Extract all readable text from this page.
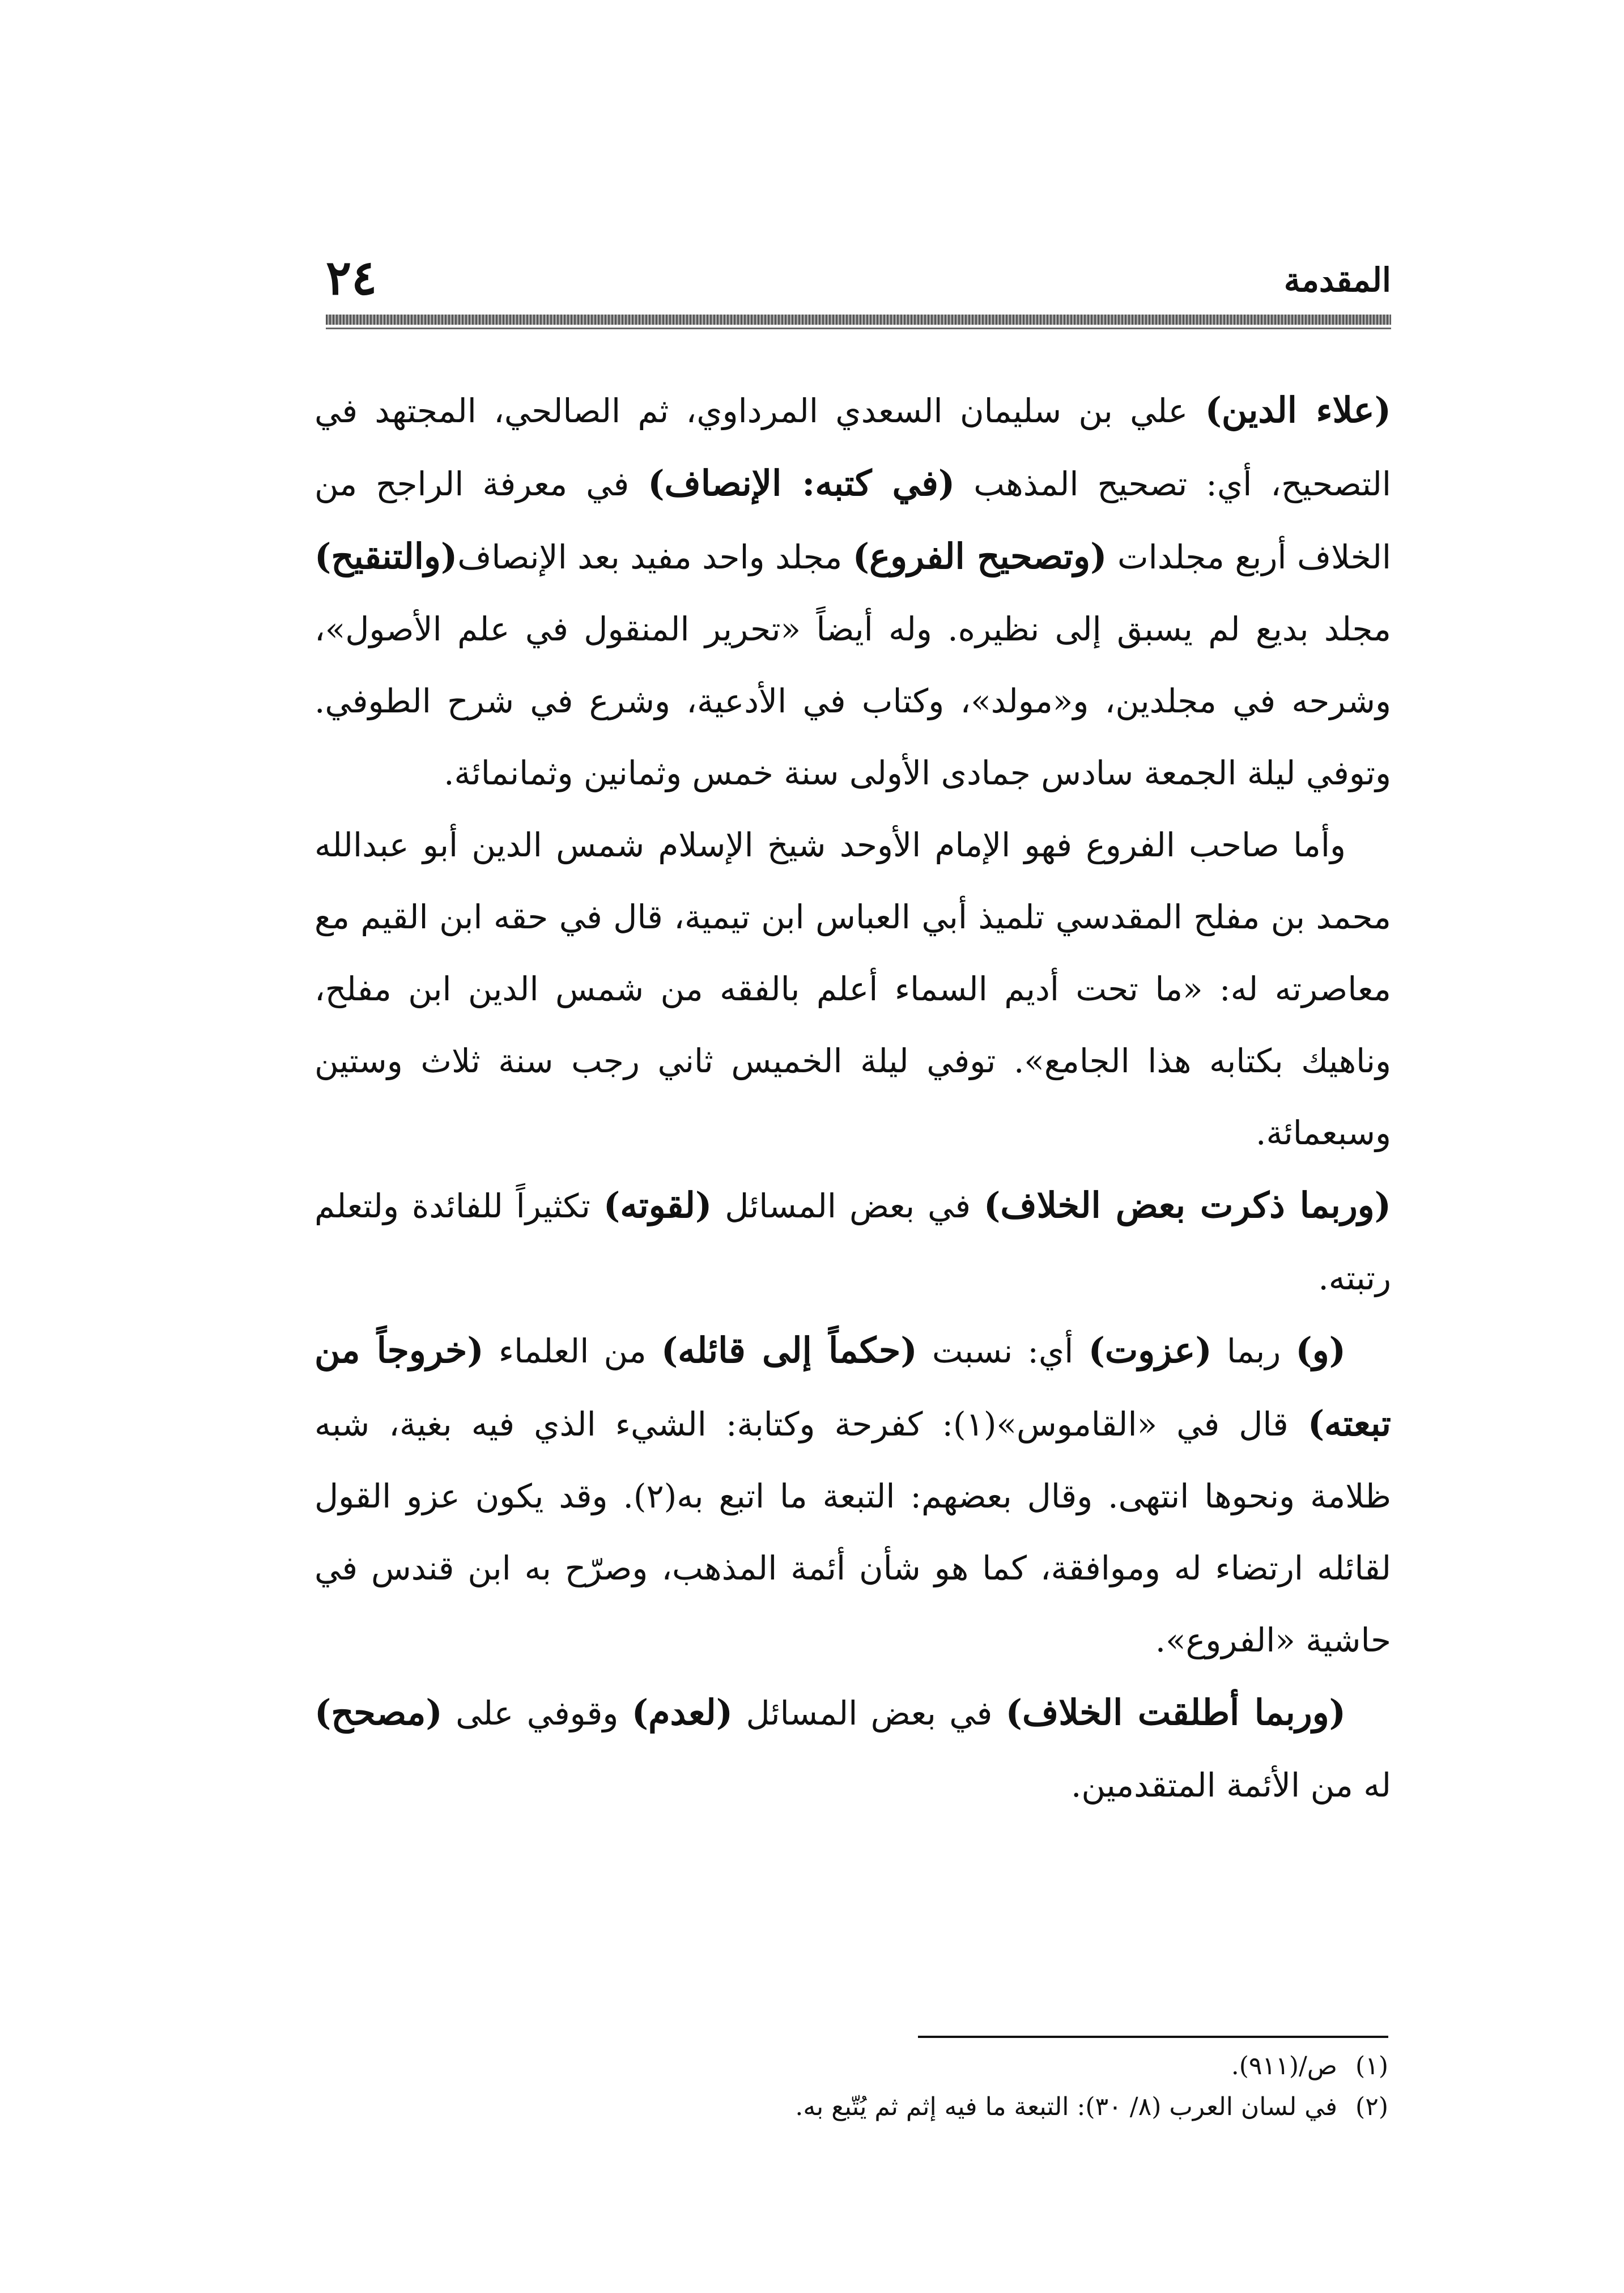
٢٤	المقدمة

(علاء الدين) علي بن سليمان السعدي المرداوي، ثم الصالحي، المجتهد في التصحيح، أي: تصحيح المذهب (في كتبه: الإنصاف) في معرفة الراجح من الخلاف أربع مجلدات (وتصحيح الفروع) مجلد واحد مفيد بعد الإنصاف(والتنقيح) مجلد بديع لم يسبق إلى نظيره. وله أيضاً «تحرير المنقول في علم الأصول»، وشرحه في مجلدين، و«مولد»، وكتاب في الأدعية، وشرع في شرح الطوفي. وتوفي ليلة الجمعة سادس جمادى الأولى سنة خمس وثمانين وثمانمائة.

وأما صاحب الفروع فهو الإمام الأوحد شيخ الإسلام شمس الدين أبو عبدالله محمد بن مفلح المقدسي تلميذ أبي العباس ابن تيمية، قال في حقه ابن القيم مع معاصرته له: «ما تحت أديم السماء أعلم بالفقه من شمس الدين ابن مفلح، وناهيك بكتابه هذا الجامع». توفي ليلة الخميس ثاني رجب سنة ثلاث وستين وسبعمائة.

(وربما ذكرت بعض الخلاف) في بعض المسائل (لقوته) تكثيراً للفائدة ولتعلم رتبته.

(و) ربما (عزوت) أي: نسبت (حكماً إلى قائله) من العلماء (خروجاً من تبعته) قال في «القاموس»(١): كفرحة وكتابة: الشيء الذي فيه بغية، شبه ظلامة ونحوها انتهى. وقال بعضهم: التبعة ما اتبع به(٢). وقد يكون عزو القول لقائله ارتضاء له وموافقة، كما هو شأن أئمة المذهب، وصرّح به ابن قندس في حاشية «الفروع».

(وربما أطلقت الخلاف) في بعض المسائل (لعدم) وقوفي على (مصحح) له من الأئمة المتقدمين.

(١)ص/(٩١١).
(٢)في لسان العرب (٨/ ٣٠): التبعة ما فيه إثم ثم يُتّبع به.
